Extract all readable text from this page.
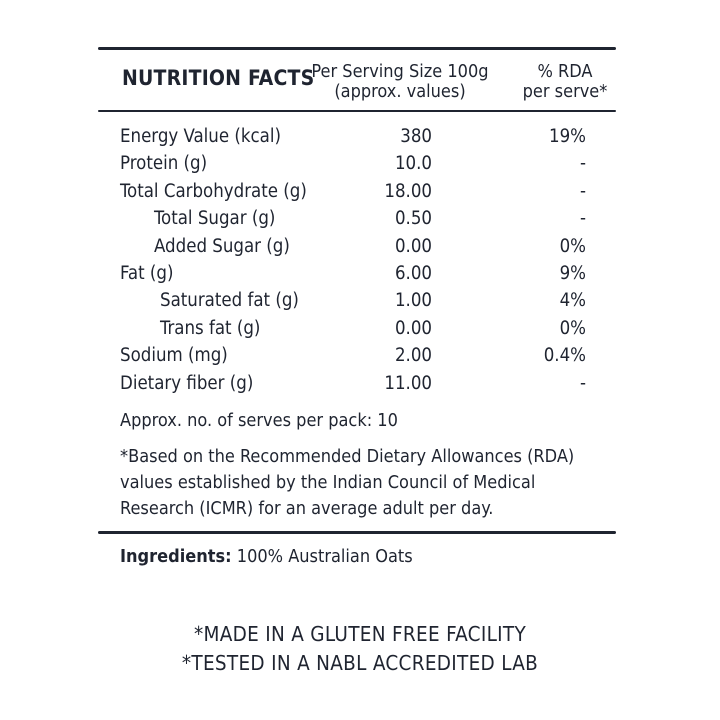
NUTRITION FACTS
Per Serving Size 100g
(approx. values)
% RDA
per serve*
Energy Value (kcal)	380	19%
Protein (g)	10.0	-
Total Carbohydrate (g)	18.00	-
Total Sugar (g)	0.50	-
Added Sugar (g)	0.00	0%
Fat (g)	6.00	9%
Saturated fat (g)	1.00	4%
Trans fat (g)	0.00	0%
Sodium (mg)	2.00	0.4%
Dietary fiber (g)	11.00	-
Approx. no. of serves per pack: 10
*Based on the Recommended Dietary Allowances (RDA) values established by the Indian Council of Medical Research (ICMR) for an average adult per day.
Ingredients: 100% Australian Oats
*MADE IN A GLUTEN FREE FACILITY
*TESTED IN A NABL ACCREDITED LAB
